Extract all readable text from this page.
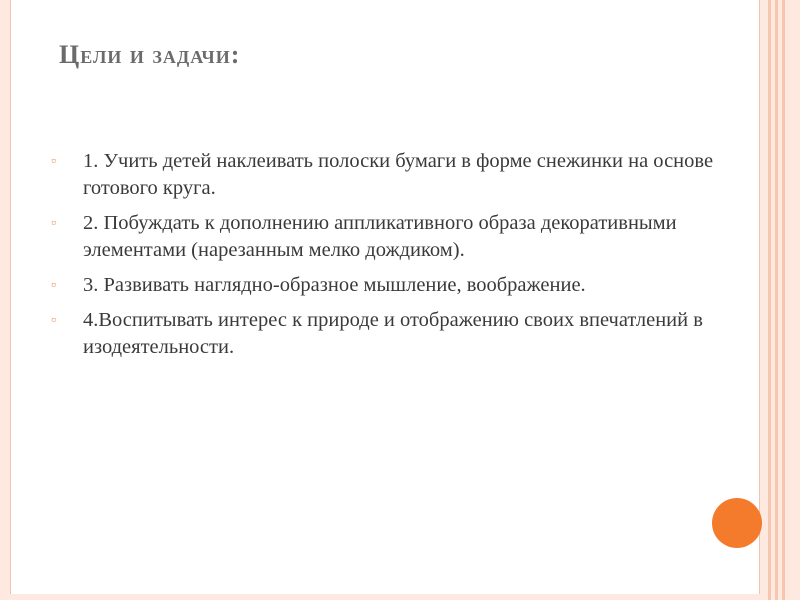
Цели и задачи:
▫	1. Учить детей наклеивать полоски бумаги в форме снежинки на основе готового круга.
▫	2. Побуждать к дополнению аппликативного образа декоративными элементами (нарезанным мелко дождиком).
▫	3. Развивать наглядно-образное мышление, воображение.
▫	4.Воспитывать интерес к природе и отображению своих впечатлений в изодеятельности.
